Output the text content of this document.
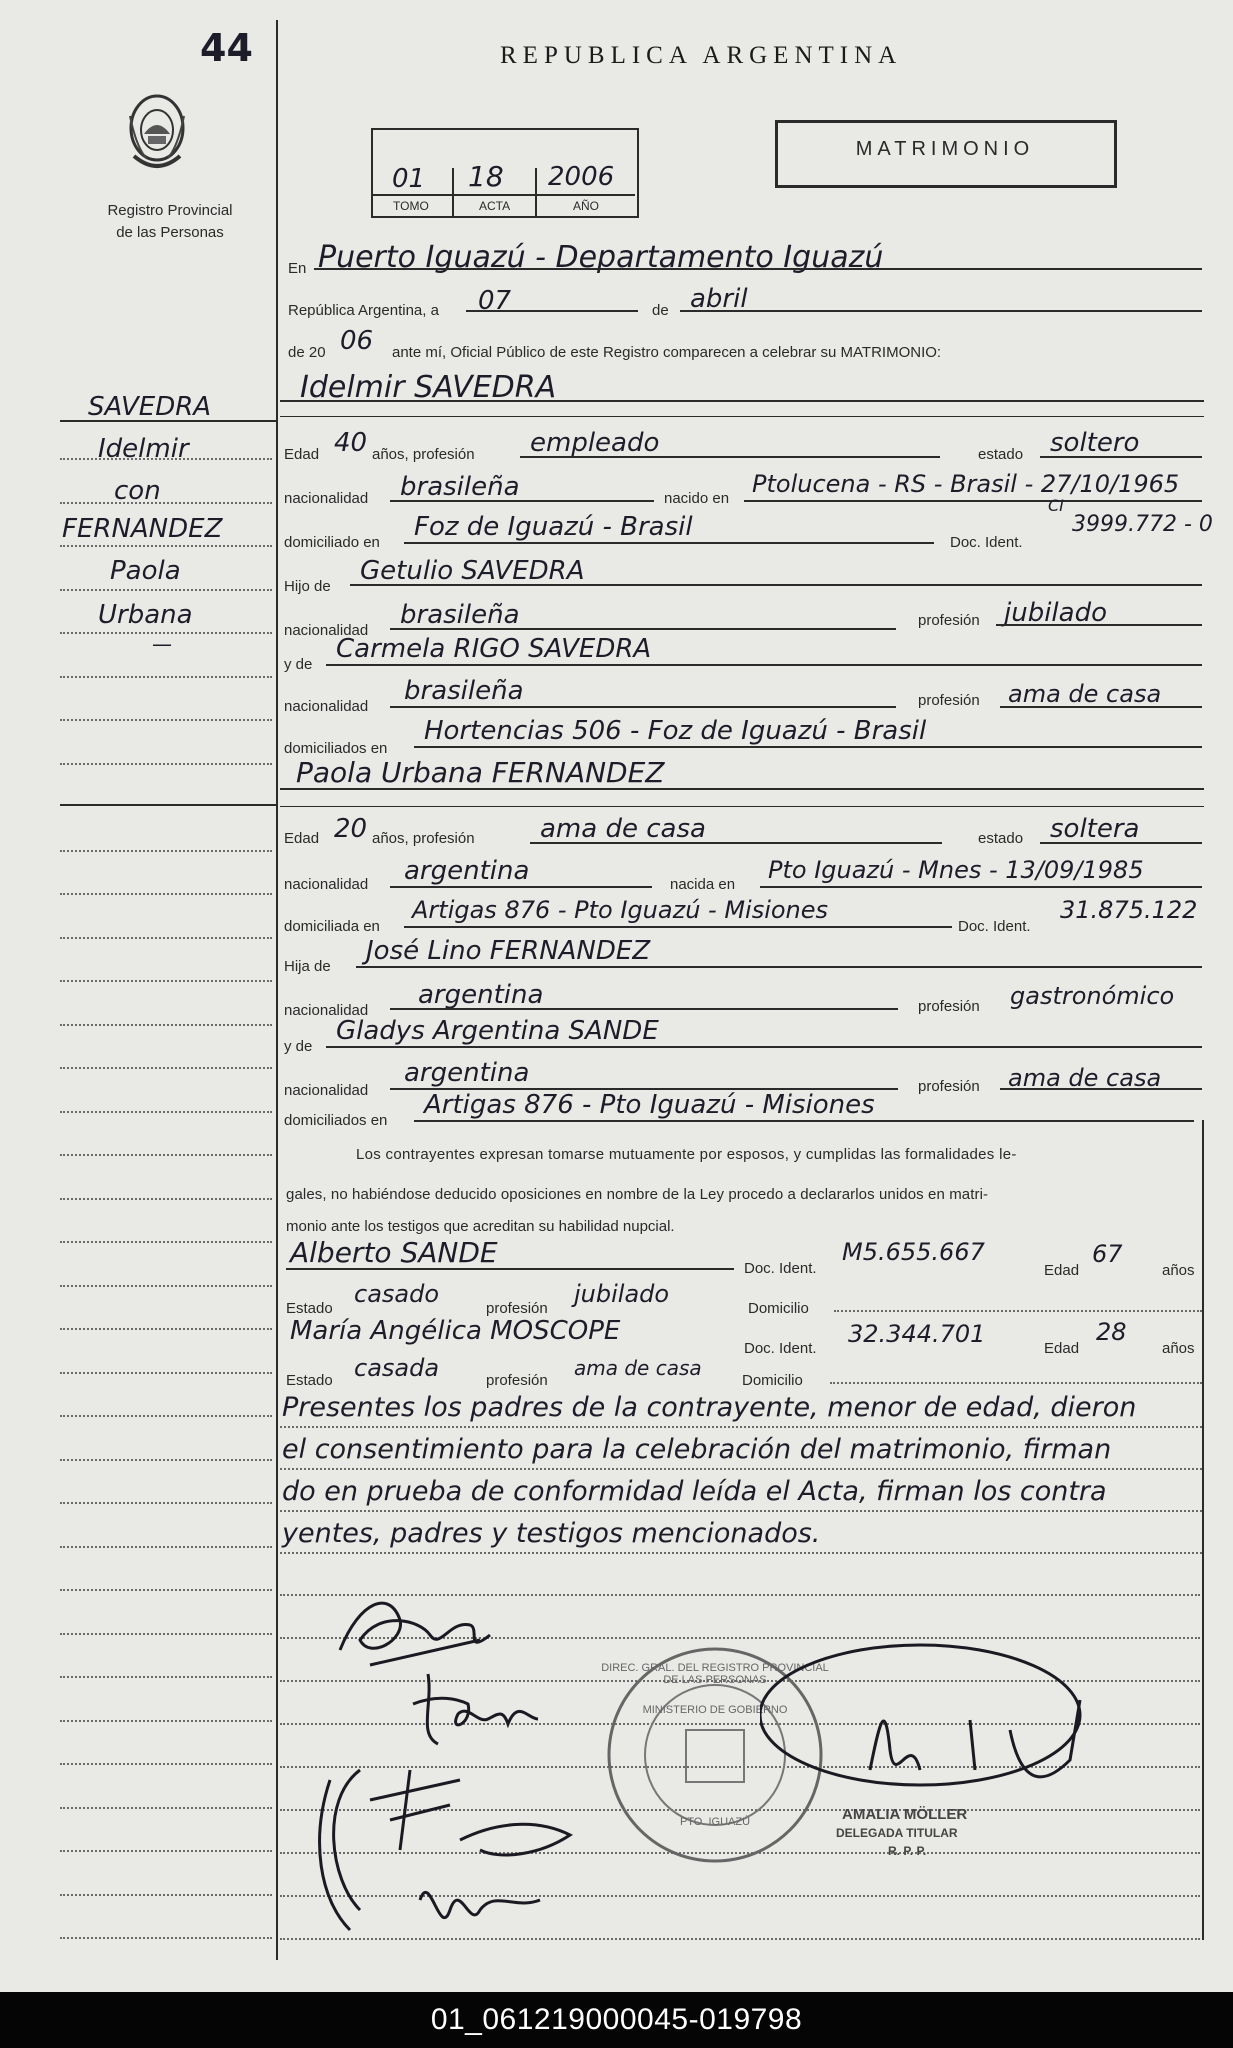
44
Registro Provincial
de las Personas
REPUBLICA ARGENTINA
01 18 2006
TOMO	ACTA	AÑO
MATRIMONIO
SAVEDRA
Idelmir
con
FERNANDEZ
Paola
Urbana
—
En Puerto Iguazú - Departamento Iguazú
República Argentina, a 07	de abril
de 20 06 ante mí, Oficial Público de este Registro comparecen a celebrar su MATRIMONIO:
Idelmir SAVEDRA
Edad 40 años, profesión empleado	estado soltero
nacionalidad brasileña	nacido en
Ptolucena - RS - Brasil - 27/10/1965
domiciliado en
Foz de Iguazú - Brasil
Doc. Ident.
CI
3999.772 - 0
Hijo de
Getulio SAVEDRA
nacionalidad
brasileña	profesión jubilado
y de
Carmela RIGO SAVEDRA
nacionalidad
brasileña	profesión ama de casa
domiciliados en
Hortencias 506 - Foz de Iguazú - Brasil
Paola Urbana FERNANDEZ
Edad 20 años, profesión	ama de casa	estado soltera
nacionalidad argentina	nacida en
Pto Iguazú - Mnes - 13/09/1985
domiciliada en
Artigas 876 - Pto Iguazú - Misiones
Doc. Ident.
31.875.122
Hija de
José Lino FERNANDEZ
nacionalidad
argentina	profesión gastronómico
y de
Gladys Argentina SANDE
nacionalidad
argentina	profesión ama de casa
domiciliados en
Artigas 876 - Pto Iguazú - Misiones
Los contrayentes expresan tomarse mutuamente por esposos, y cumplidas las formalidades le-
gales, no habiéndose deducido oposiciones en nombre de la Ley procedo a declararlos unidos en matri-
monio ante los testigos que acreditan su habilidad nupcial.
Alberto SANDE	Doc. Ident.
M5.655.667
Edad
67
años
Estado
casado
profesión
jubilado
Domicilio
María Angélica MOSCOPE
Doc. Ident.
32.344.701
Edad
28
años
Estado casada	profesión
ama de casa
Domicilio
Presentes los padres de la contrayente, menor de edad, dieron
el consentimiento para la celebración del matrimonio, firman
do en prueba de conformidad leída el Acta, firman los contra
yentes, padres y testigos mencionados.
DIREC. GRAL. DEL REGISTRO PROVINCIAL DE LAS PERSONAS
MINISTERIO DE GOBIERNO
PTO. IGUAZÚ	AMALIA MÖLLER
DELEGADA TITULAR
R. P. P.
01_061219000045-019798
